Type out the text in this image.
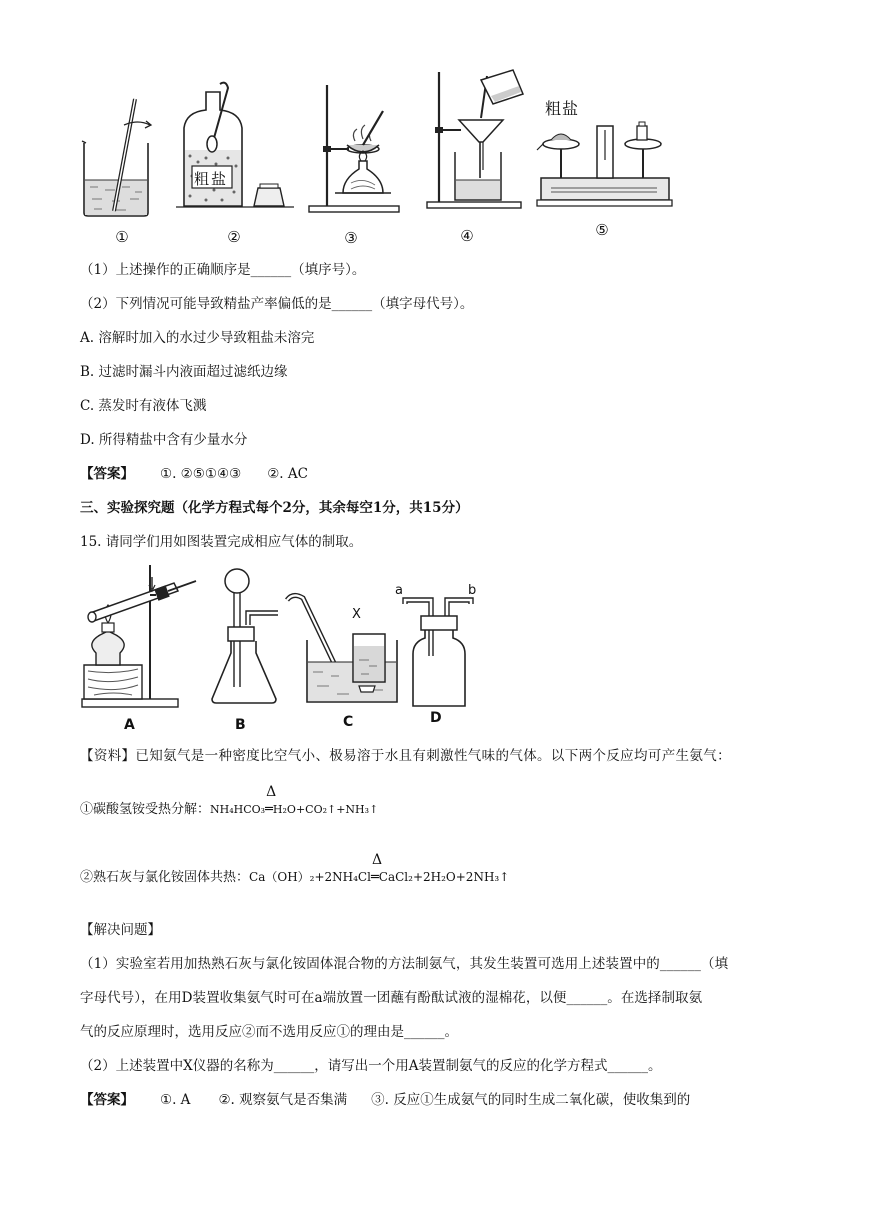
①
粗盐
②	③	④
粗盐
⑤
（1）上述操作的正确顺序是______（填序号）。
（2）下列情况可能导致精盐产率偏低的是______（填字母代号）。
A. 溶解时加入的水过少导致粗盐未溶完
B. 过滤时漏斗内液面超过滤纸边缘
C. 蒸发时有液体飞溅
D. 所得精盐中含有少量水分
【答案】 ①. ②⑤①④③ ②. AC
三、实验探究题（化学方程式每个2分，其余每空1分，共15分）
15. 请同学们用如图装置完成相应气体的制取。
A	B
X
C
a	b
D
【资料】已知氨气是一种密度比空气小、极易溶于水且有刺激性气味的气体。以下两个反应均可产生氨气：
①碳酸氢铵受热分解：NH₄HCO₃
Δ
═H₂O+CO₂↑+NH₃↑
②熟石灰与氯化铵固体共热：Ca（OH）₂+2NH₄Cl
Δ
═CaCl₂+2H₂O+2NH₃↑
【解决问题】
（1）实验室若用加热熟石灰与氯化铵固体混合物的方法制氨气，其发生装置可选用上述装置中的______（填
字母代号），在用D装置收集氨气时可在a端放置一团蘸有酚酞试液的湿棉花，以便______。在选择制取氨
气的反应原理时，选用反应②而不选用反应①的理由是______。
（2）上述装置中X仪器的名称为______，请写出一个用A装置制氨气的反应的化学方程式______。
【答案】 ①. A ②. 观察氨气是否集满 ③. 反应①生成氨气的同时生成二氧化碳，使收集到的
